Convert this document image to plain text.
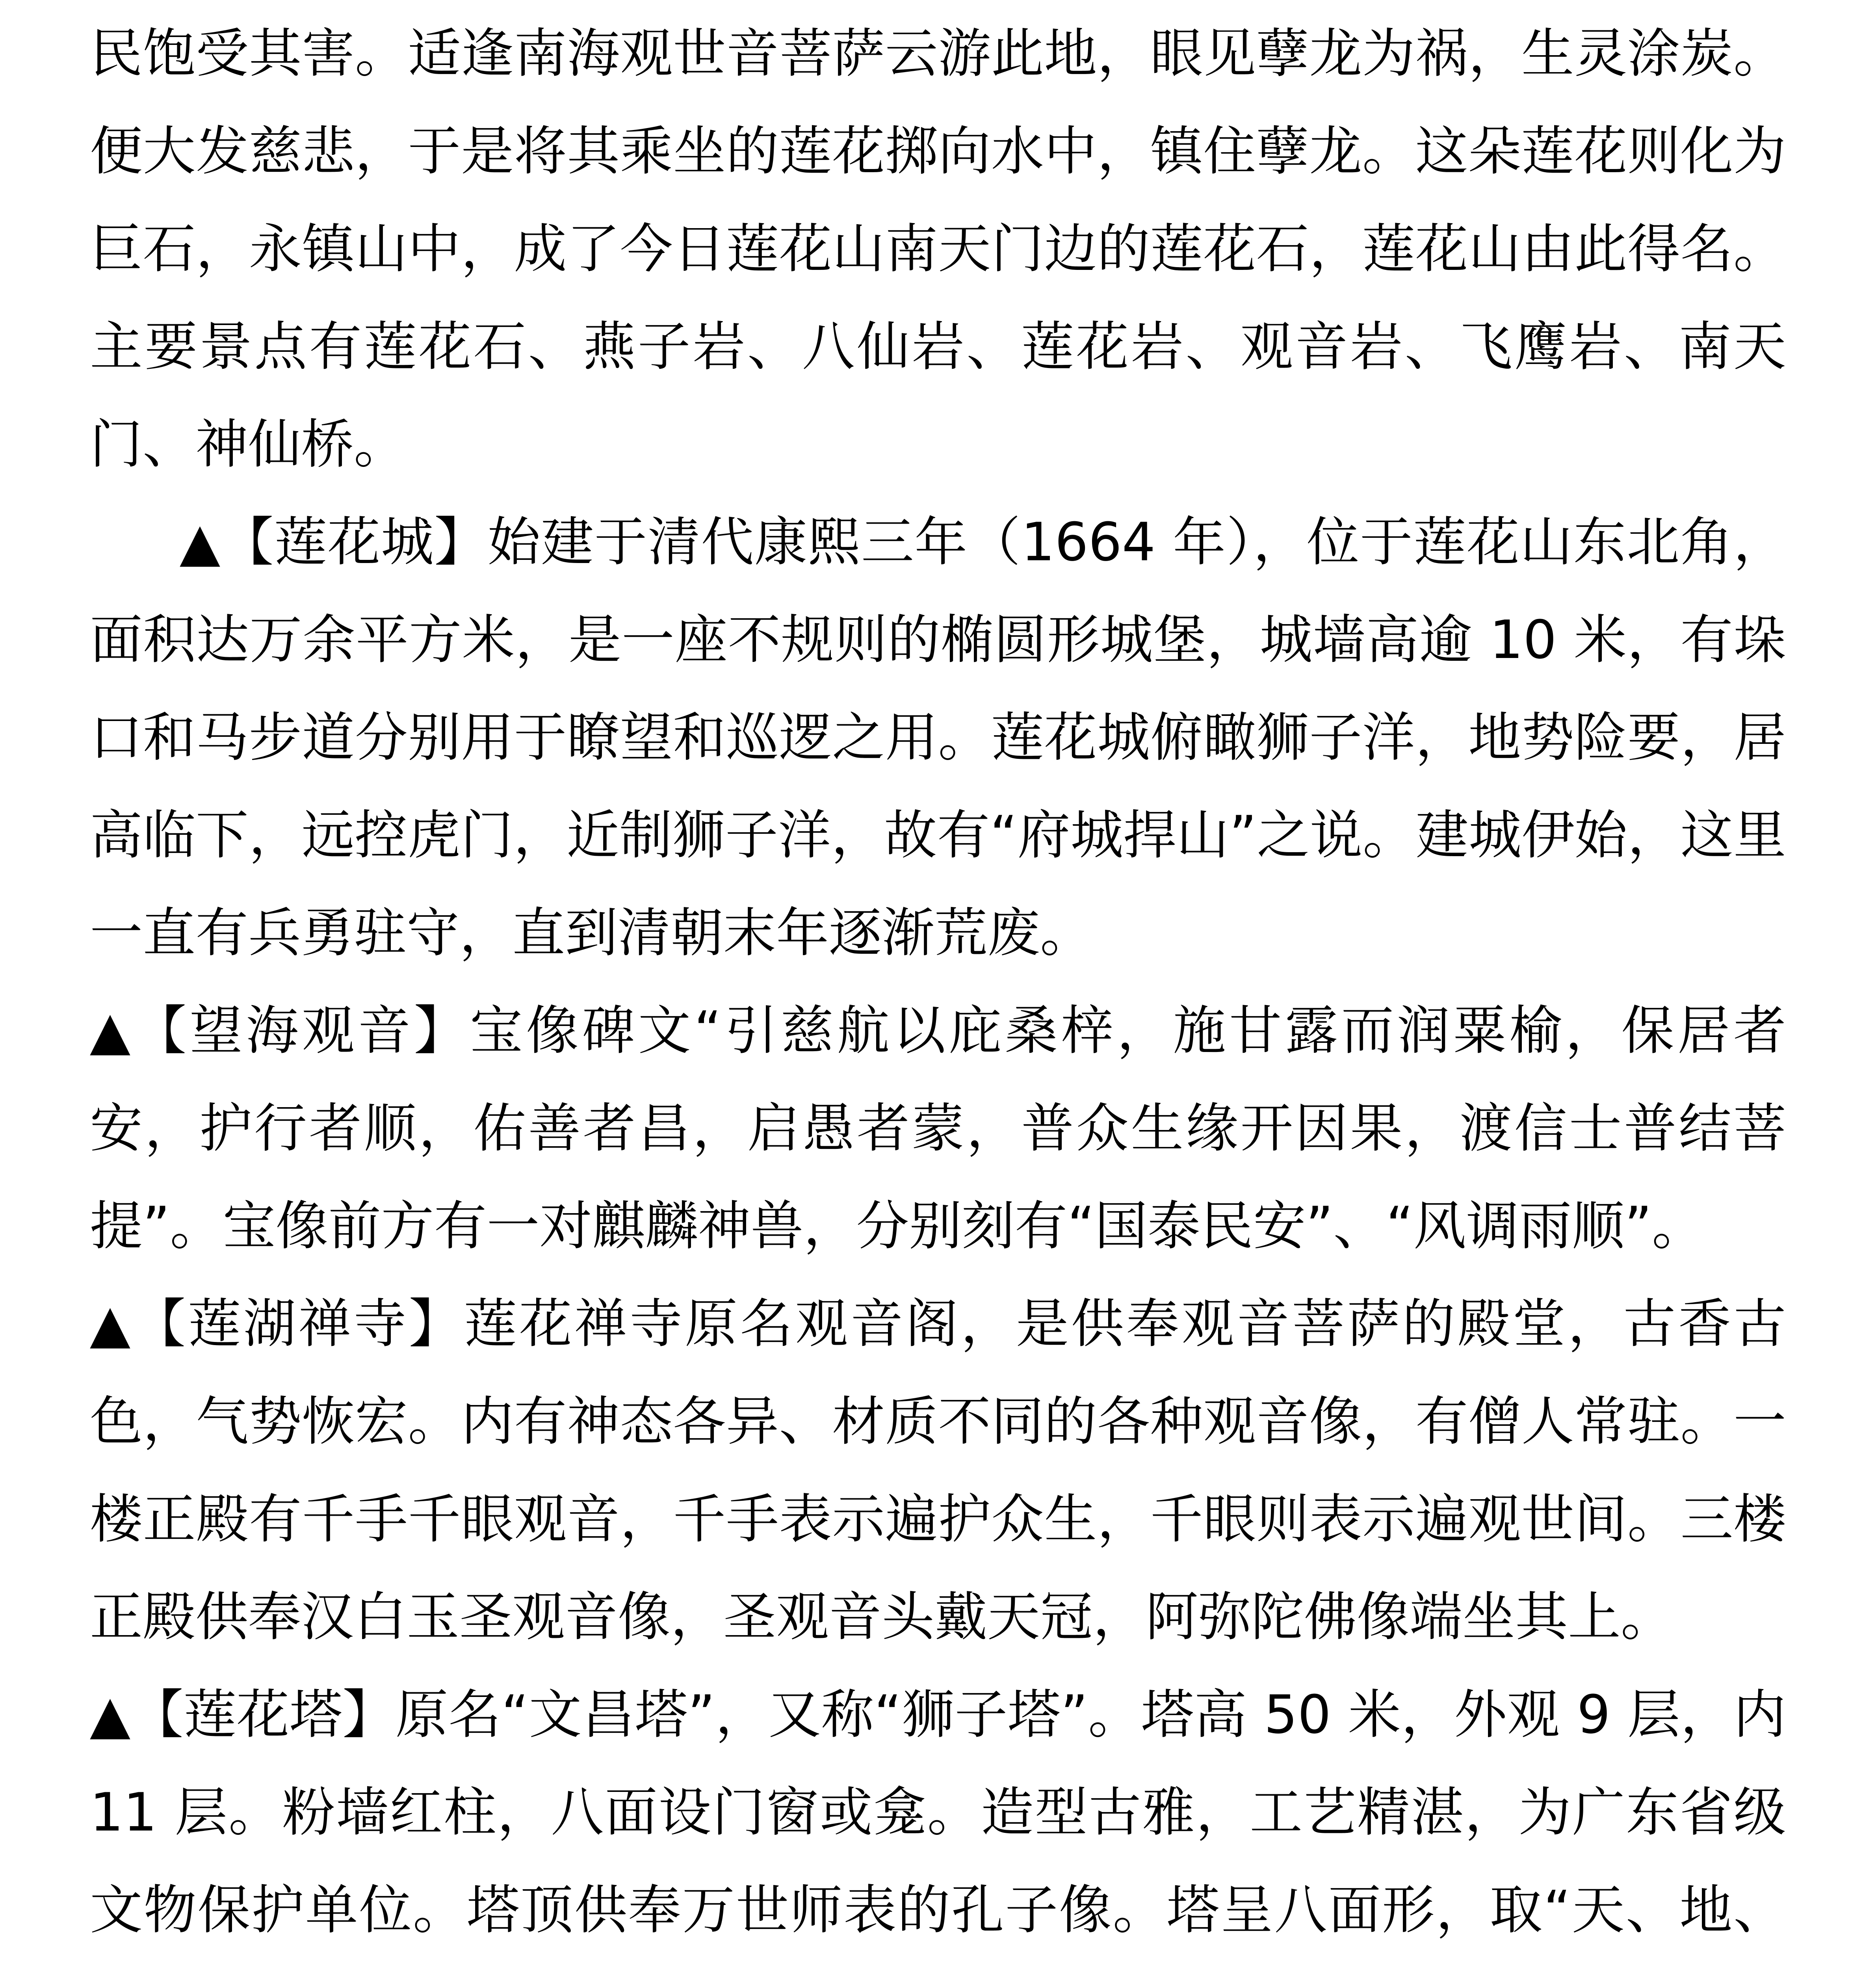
民饱受其害。适逢南海观世音菩萨云游此地，眼见孽龙为祸，生灵涂炭。便大发慈悲，于是将其乘坐的莲花掷向水中，镇住孽龙。这朵莲花则化为巨石，永镇山中，成了今日莲花山南天门边的莲花石，莲花山由此得名。主要景点有莲花石、燕子岩、八仙岩、莲花岩、观音岩、飞鹰岩、南天门、神仙桥。

▲【莲花城】始建于清代康熙三年（1664 年），位于莲花山东北角，面积达万余平方米，是一座不规则的椭圆形城堡，城墙高逾 10 米，有垛口和马步道分别用于瞭望和巡逻之用。莲花城俯瞰狮子洋，地势险要，居高临下，远控虎门，近制狮子洋，故有“府城捍山”之说。建城伊始，这里一直有兵勇驻守，直到清朝末年逐渐荒废。

▲【望海观音】宝像碑文“引慈航以庇桑梓，施甘露而润粟榆，保居者安，护行者顺，佑善者昌，启愚者蒙，普众生缘开因果，渡信士普结菩提”。宝像前方有一对麒麟神兽，分别刻有“国泰民安”、“风调雨顺”。

▲【莲湖禅寺】莲花禅寺原名观音阁，是供奉观音菩萨的殿堂，古香古色，气势恢宏。内有神态各异、材质不同的各种观音像，有僧人常驻。一楼正殿有千手千眼观音，千手表示遍护众生，千眼则表示遍观世间。三楼正殿供奉汉白玉圣观音像，圣观音头戴天冠，阿弥陀佛像端坐其上。

▲【莲花塔】原名“文昌塔”，又称“狮子塔”。塔高 50 米，外观 9 层，内 11 层。粉墙红柱，八面设门窗或龛。造型古雅，工艺精湛，为广东省级文物保护单位。塔顶供奉万世师表的孔子像。塔呈八面形，取“天、地、
